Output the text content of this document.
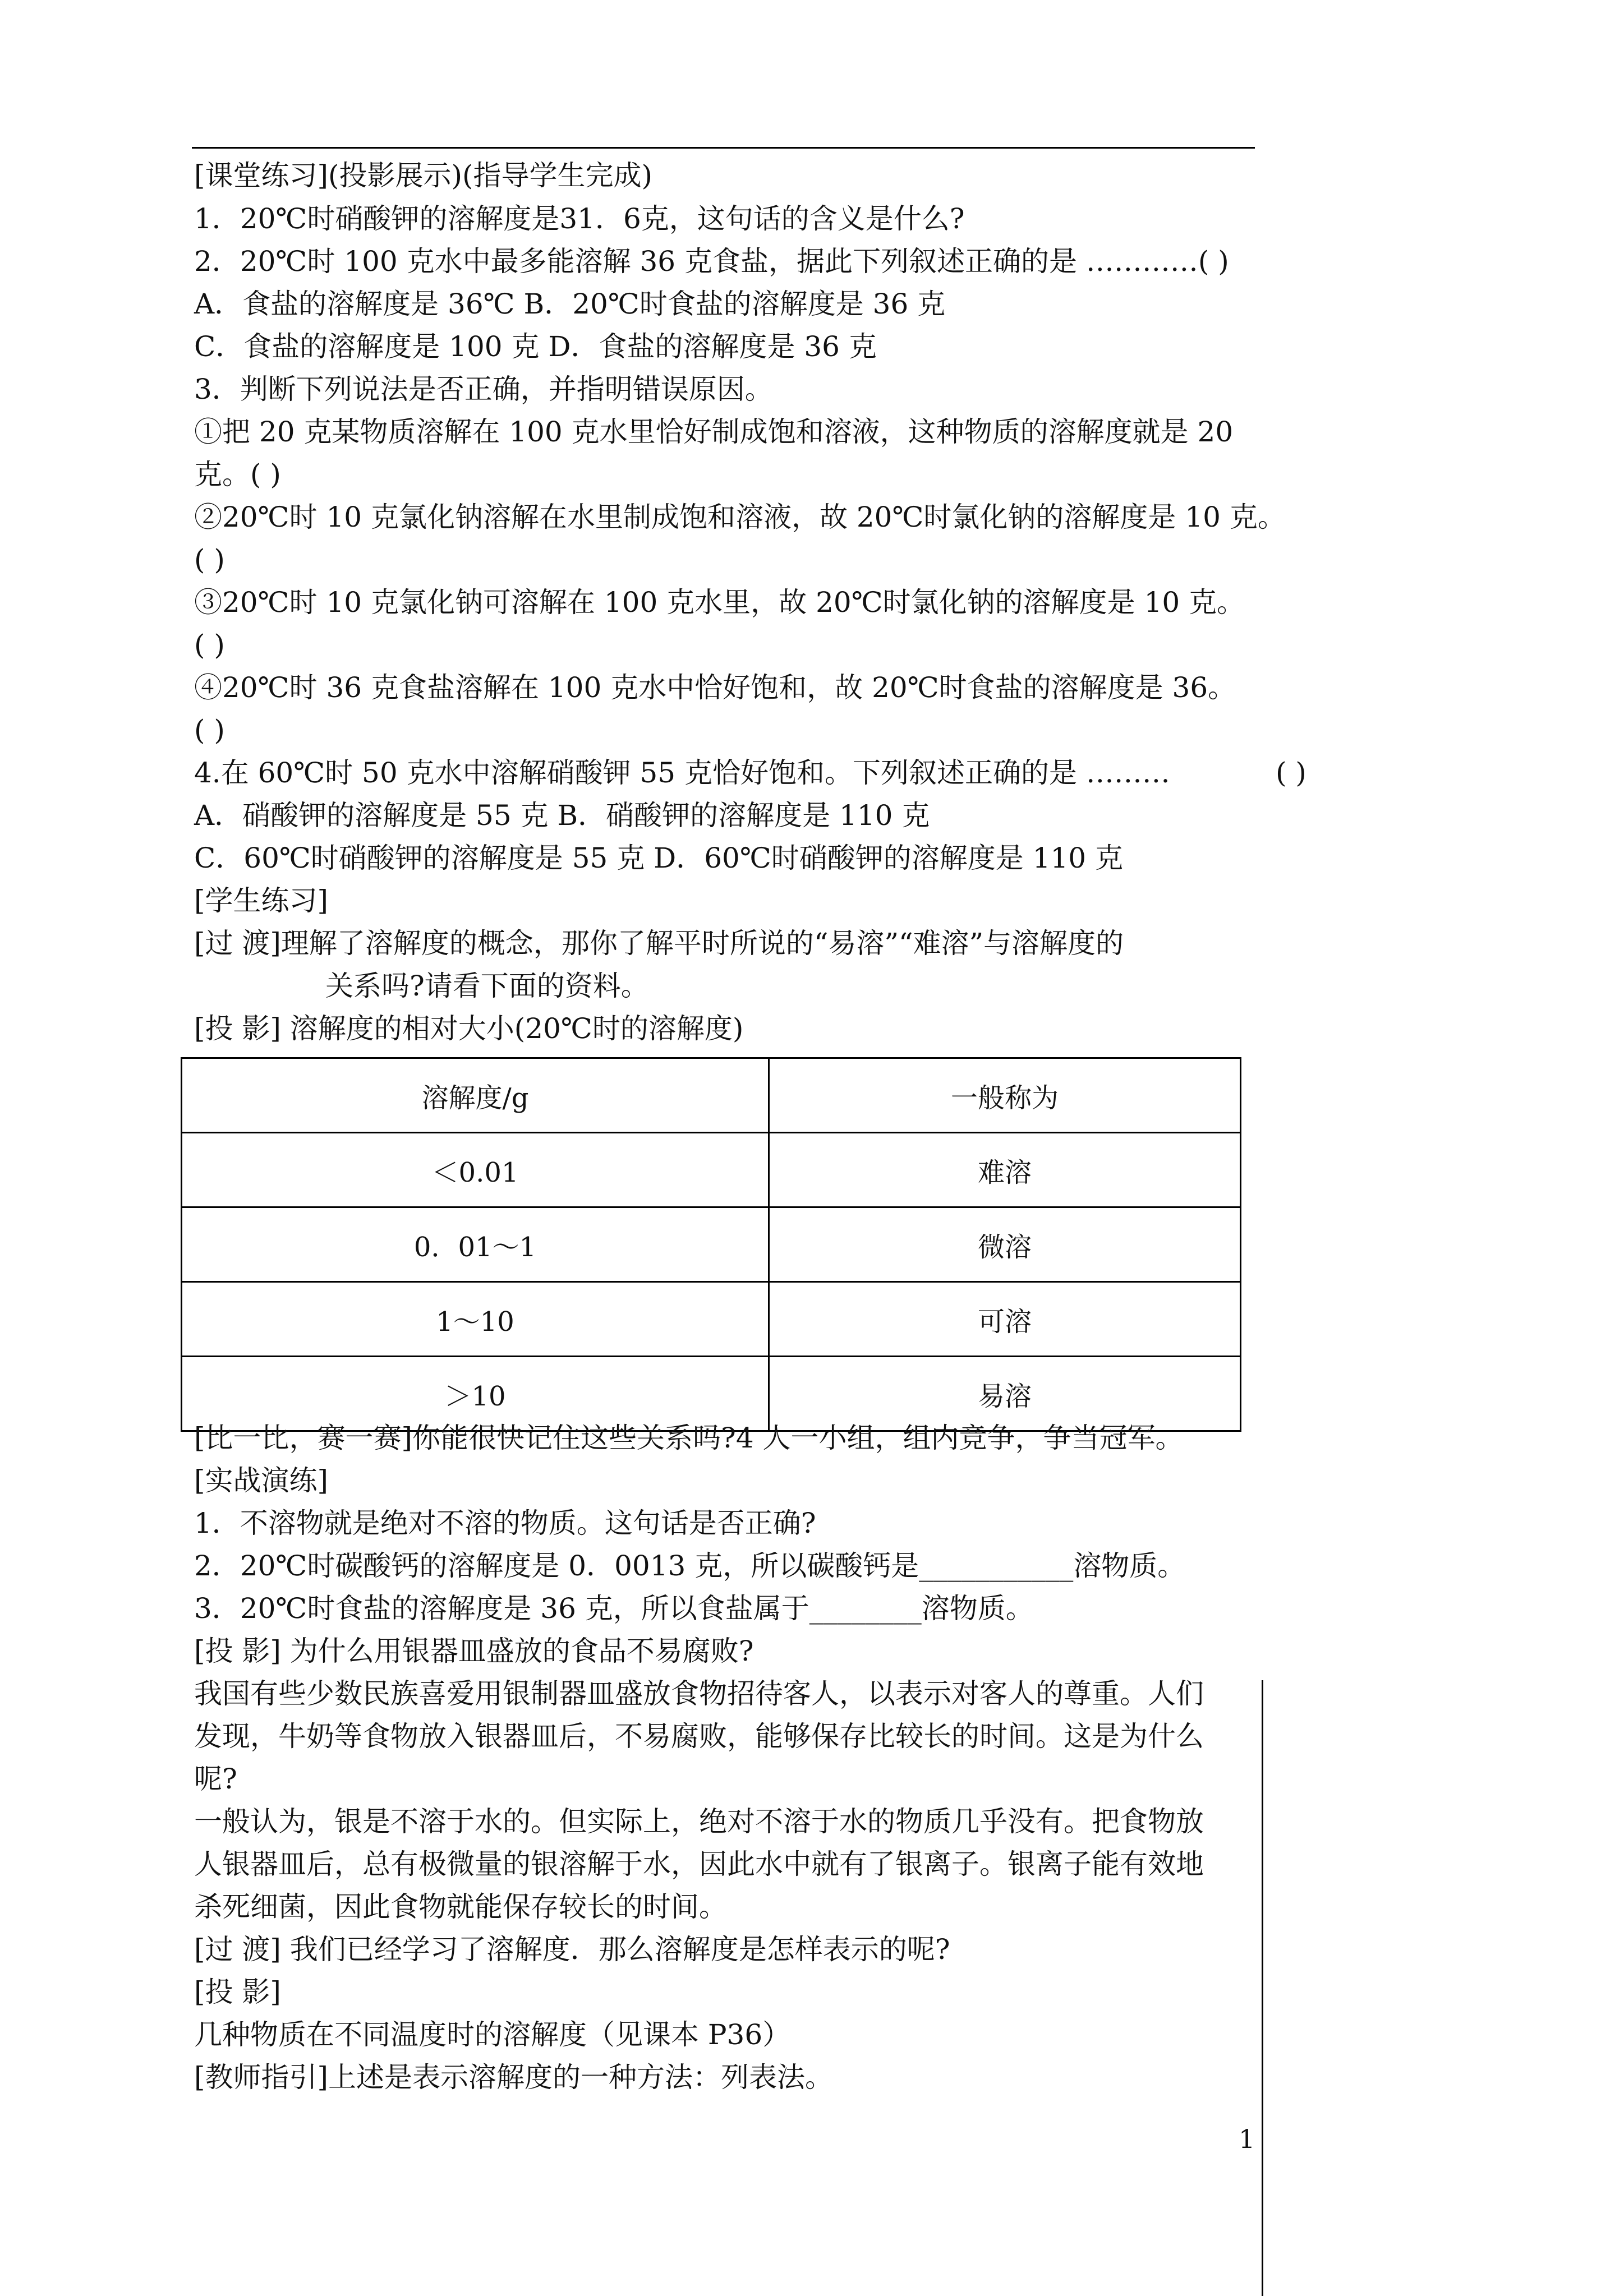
[课堂练习](投影展示)(指导学生完成)
1．20℃时硝酸钾的溶解度是31．6克，这句话的含义是什么?
2．20℃时 100 克水中最多能溶解 36 克食盐，据此下列叙述正确的是 …………( )
A．食盐的溶解度是 36℃ B．20℃时食盐的溶解度是 36 克
C．食盐的溶解度是 100 克 D．食盐的溶解度是 36 克
3．判断下列说法是否正确，并指明错误原因。
①把 20 克某物质溶解在 100 克水里恰好制成饱和溶液，这种物质的溶解度就是 20
克。( )
②20℃时 10 克氯化钠溶解在水里制成饱和溶液，故 20℃时氯化钠的溶解度是 10 克。
( )
③20℃时 10 克氯化钠可溶解在 100 克水里，故 20℃时氯化钠的溶解度是 10 克。
( )
④20℃时 36 克食盐溶解在 100 克水中恰好饱和，故 20℃时食盐的溶解度是 36。
( )
4.在 60℃时 50 克水中溶解硝酸钾 55 克恰好饱和。下列叙述正确的是 ………	( )
A．硝酸钾的溶解度是 55 克 B．硝酸钾的溶解度是 110 克
C．60℃时硝酸钾的溶解度是 55 克 D．60℃时硝酸钾的溶解度是 110 克
[学生练习]
[过 渡]理解了溶解度的概念，那你了解平时所说的“易溶”“难溶”与溶解度的
关系吗?请看下面的资料。
[投 影] 溶解度的相对大小(20℃时的溶解度)
溶解度/g	一般称为
＜0.01	难溶
0．01～1	微溶
1～10	可溶
＞10	易溶
[比一比，赛一赛]你能很快记住这些关系吗?4 人一小组，组内竞争，争当冠军。
[实战演练]
1．不溶物就是绝对不溶的物质。这句话是否正确?
2．20℃时碳酸钙的溶解度是 0．0013 克，所以碳酸钙是___________溶物质。
3．20℃时食盐的溶解度是 36 克，所以食盐属于________溶物质。
[投 影] 为什么用银器皿盛放的食品不易腐败?
我国有些少数民族喜爱用银制器皿盛放食物招待客人，以表示对客人的尊重。人们
发现，牛奶等食物放入银器皿后，不易腐败，能够保存比较长的时间。这是为什么
呢?
一般认为，银是不溶于水的。但实际上，绝对不溶于水的物质几乎没有。把食物放
人银器皿后，总有极微量的银溶解于水，因此水中就有了银离子。银离子能有效地
杀死细菌，因此食物就能保存较长的时间。
[过 渡] 我们已经学习了溶解度．那么溶解度是怎样表示的呢?
[投 影]
几种物质在不同温度时的溶解度（见课本 P36）
[教师指引]上述是表示溶解度的一种方法：列表法。
1
